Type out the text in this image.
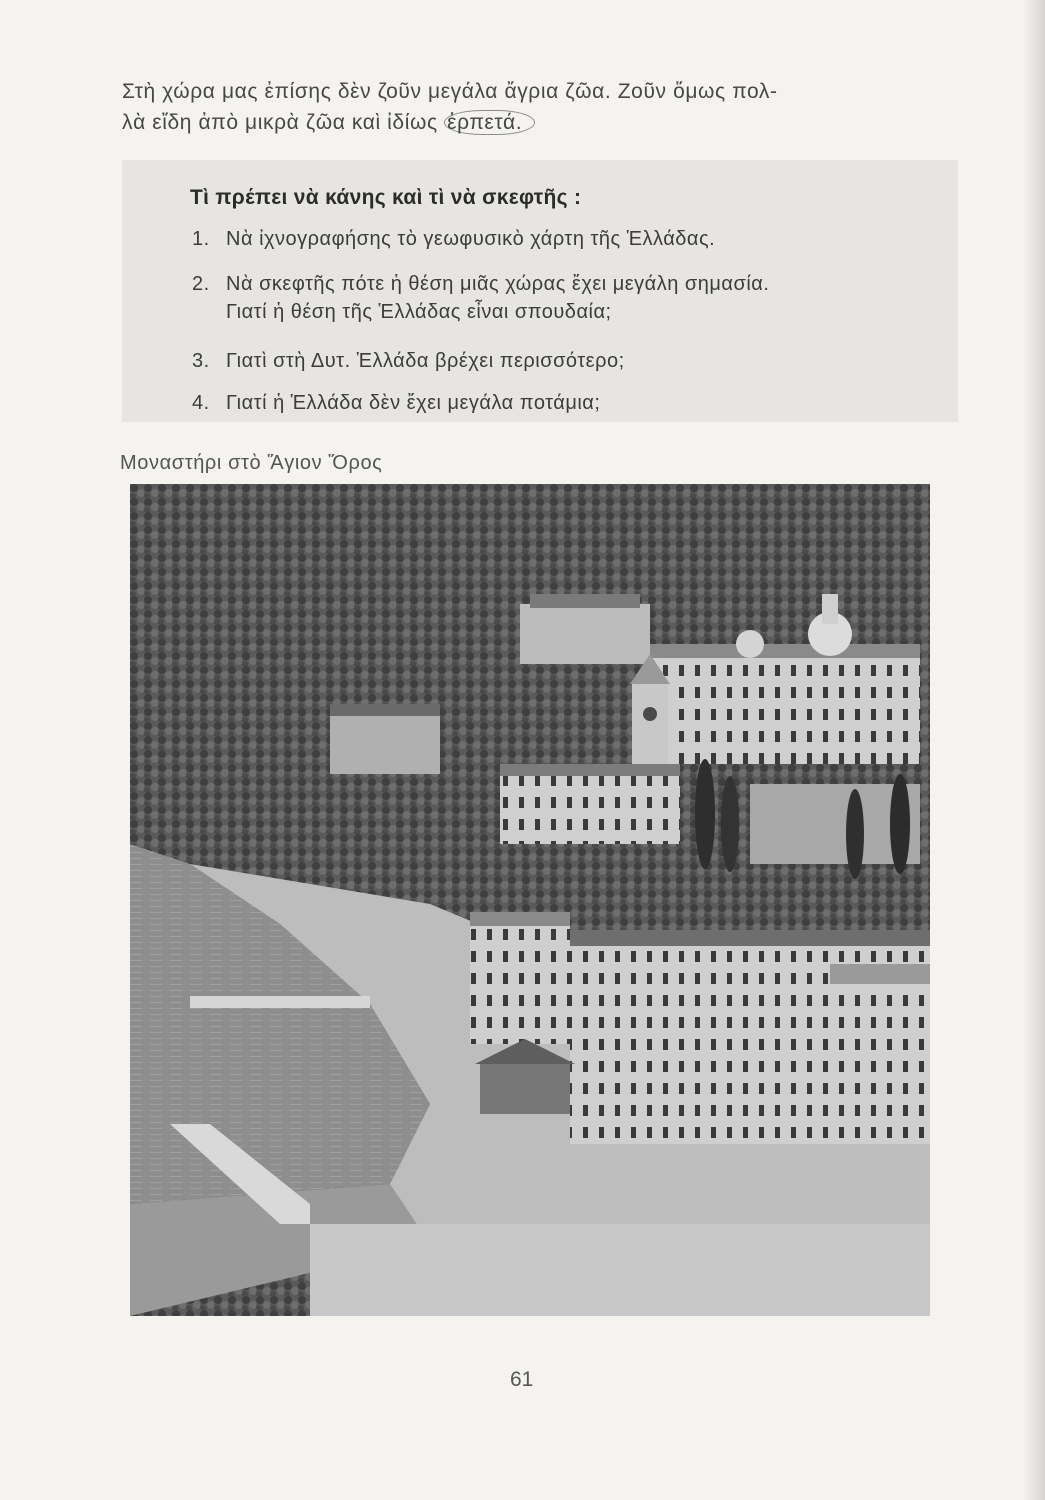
Στὴ χώρα μας ἐπίσης δὲν ζοῦν μεγάλα ἄγρια ζῶα. Ζοῦν ὅμως πολ-
λὰ εἴδη ἀπὸ μικρὰ ζῶα καὶ ἰδίως ἑρπετά.

Τὶ πρέπει νὰ κάνης καὶ τὶ νὰ σκεφτῆς :

1. Νὰ ἰχνογραφήσης τὸ γεωφυσικὸ χάρτη τῆς Ἑλλάδας.
2. Νὰ σκεφτῆς πότε ἡ θέση μιᾶς χώρας ἔχει μεγάλη σημασία.
Γιατί ἡ θέση τῆς Ἑλλάδας εἶναι σπουδαία;
3. Γιατὶ στὴ Δυτ. Ἑλλάδα βρέχει περισσότερο;
4. Γιατί ἡ Ἑλλάδα δὲν ἔχει μεγάλα ποτάμια;

Μοναστήρι στὸ Ἅγιον Ὅρος

61
